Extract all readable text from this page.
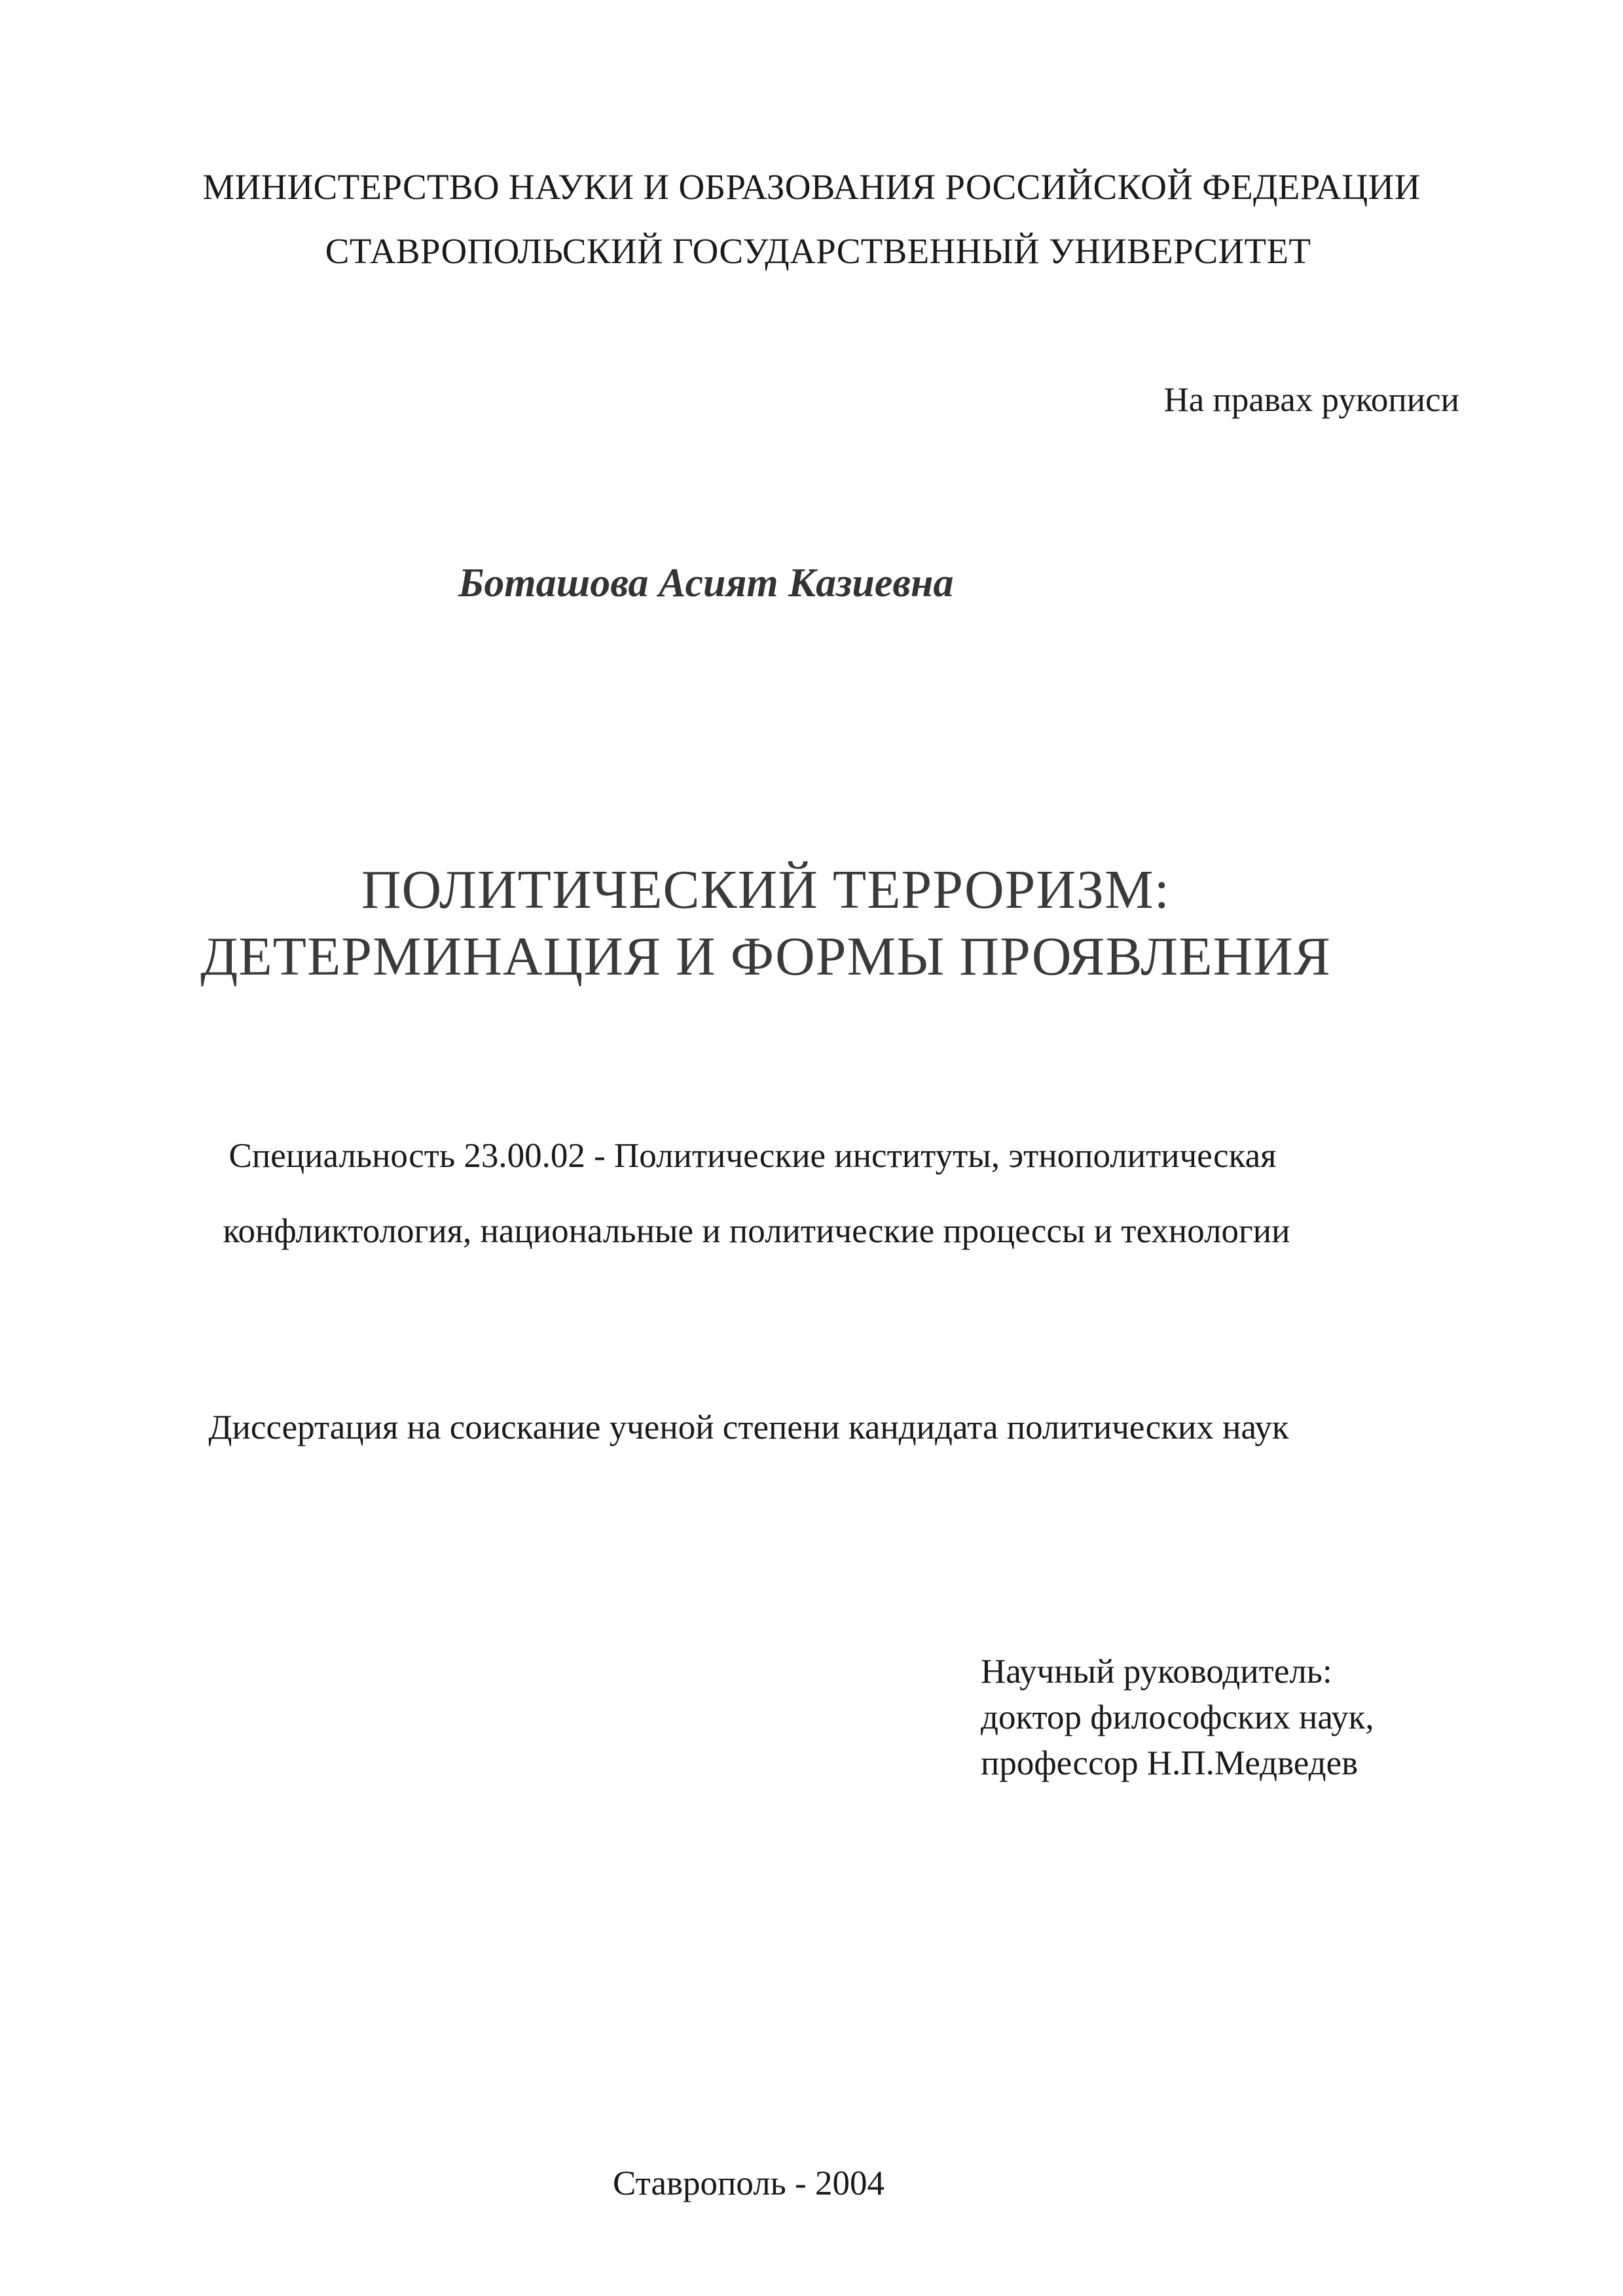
МИНИСТЕРСТВО НАУКИ И ОБРАЗОВАНИЯ РОССИЙСКОЙ ФЕДЕРАЦИИ
СТАВРОПОЛЬСКИЙ ГОСУДАРСТВЕННЫЙ УНИВЕРСИТЕТ
На правах рукописи
Боташова Асият Казиевна
ПОЛИТИЧЕСКИЙ ТЕРРОРИЗМ:
ДЕТЕРМИНАЦИЯ И ФОРМЫ ПРОЯВЛЕНИЯ
Специальность 23.00.02 - Политические институты, этнополитическая
конфликтология, национальные и политические процессы и технологии
Диссертация на соискание ученой степени кандидата политических наук
Научный руководитель:
доктор философских наук,
профессор Н.П.Медведев
Ставрополь - 2004
